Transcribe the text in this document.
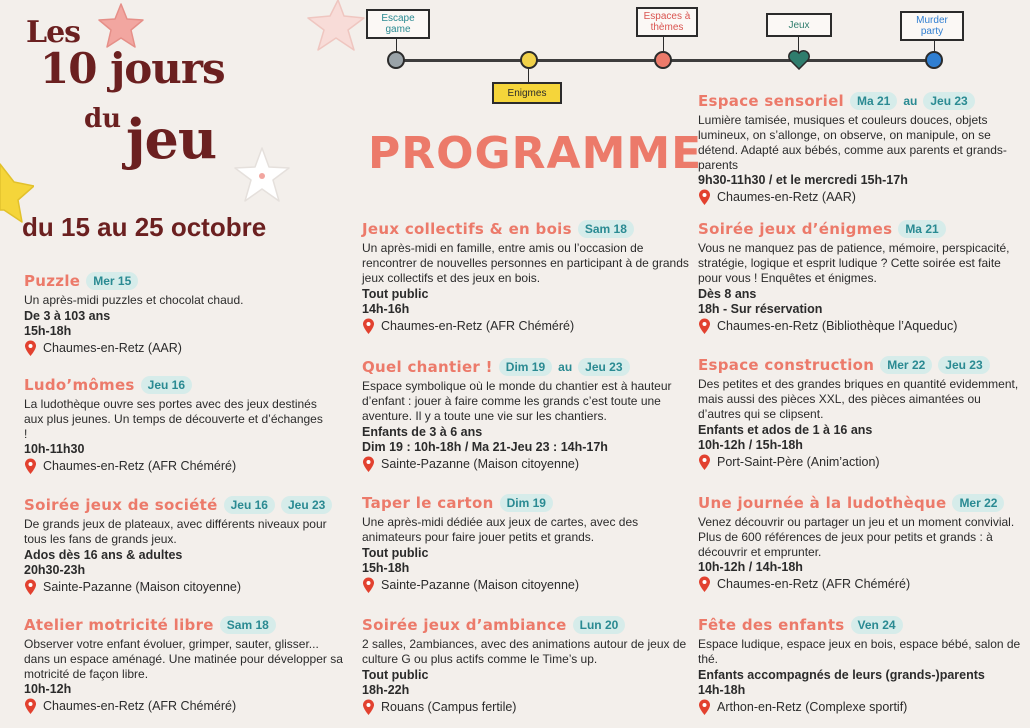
Les
10 jours
du jeu
du 15 au 25 octobre
PROGRAMME
Escape game
Enigmes
Espaces à thèmes	Jeux	Murder party
Puzzle	Mer 15
Un après-midi puzzles et chocolat chaud.
De 3 à 103 ans
15h-18h
Chaumes-en-Retz (AAR)
Ludo’mômes	Jeu 16
La ludothèque ouvre ses portes avec des jeux destinés aux plus jeunes. Un temps de découverte et d’échanges !
10h-11h30
Chaumes-en-Retz (AFR Chéméré)
Soirée jeux de société	Jeu 16	Jeu 23
De grands jeux de plateaux, avec différents niveaux pour tous les fans de grands jeux.
Ados dès 16 ans & adultes
20h30-23h
Sainte-Pazanne (Maison citoyenne)
Atelier motricité libre	Sam 18
Observer votre enfant évoluer, grimper, sauter, glisser... dans un espace aménagé. Une matinée pour développer sa motricité de façon libre.
10h-12h
Chaumes-en-Retz (AFR Chéméré)
Jeux collectifs & en bois	Sam 18
Un après-midi en famille, entre amis ou l’occasion de rencontrer de nouvelles personnes en participant à de grands jeux collectifs et des jeux en bois.
Tout public
14h-16h
Chaumes-en-Retz (AFR Chéméré)
Quel chantier !	Dim 19	au	Jeu 23
Espace symbolique où le monde du chantier est à hauteur d’enfant : jouer à faire comme les grands c’est toute une aventure. Il y a toute une vie sur les chantiers.
Enfants de 3 à 6 ans
Dim 19 : 10h-18h / Ma 21-Jeu 23 : 14h-17h
Sainte-Pazanne (Maison citoyenne)
Taper le carton	Dim 19
Une après-midi dédiée aux jeux de cartes, avec des animateurs pour faire jouer petits et grands.
Tout public
15h-18h
Sainte-Pazanne (Maison citoyenne)
Soirée jeux d’ambiance	Lun 20
2 salles, 2ambiances, avec des animations autour de jeux de culture G ou plus actifs comme le Time’s up.
Tout public
18h-22h
Rouans (Campus fertile)
Espace sensoriel	Ma 21	au	Jeu 23
Lumière tamisée, musiques et couleurs douces, objets lumineux, on s’allonge, on observe, on manipule, on se détend. Adapté aux bébés, comme aux parents et grands-parents
9h30-11h30 / et le mercredi 15h-17h
Chaumes-en-Retz (AAR)
Soirée jeux d’énigmes	Ma 21
Vous ne manquez pas de patience, mémoire, perspicacité, stratégie, logique et esprit ludique ? Cette soirée est faite pour vous ! Enquêtes et énigmes.
Dès 8 ans
18h - Sur réservation
Chaumes-en-Retz (Bibliothèque l’Aqueduc)
Espace construction	Mer 22	Jeu 23
Des petites et des grandes briques en quantité evidemment, mais aussi des pièces XXL, des pièces aimantées ou d’autres qui se clipsent.
Enfants et ados de 1 à 16 ans
10h-12h / 15h-18h
Port-Saint-Père (Anim’action)
Une journée à la ludothèque	Mer 22
Venez découvrir ou partager un jeu et un moment convivial. Plus de 600 références de jeux pour petits et grands : à découvrir et emprunter.
10h-12h / 14h-18h
Chaumes-en-Retz (AFR Chéméré)
Fête des enfants	Ven 24
Espace ludique, espace jeux en bois, espace bébé, salon de thé.
Enfants accompagnés de leurs (grands-)parents
14h-18h
Arthon-en-Retz (Complexe sportif)
